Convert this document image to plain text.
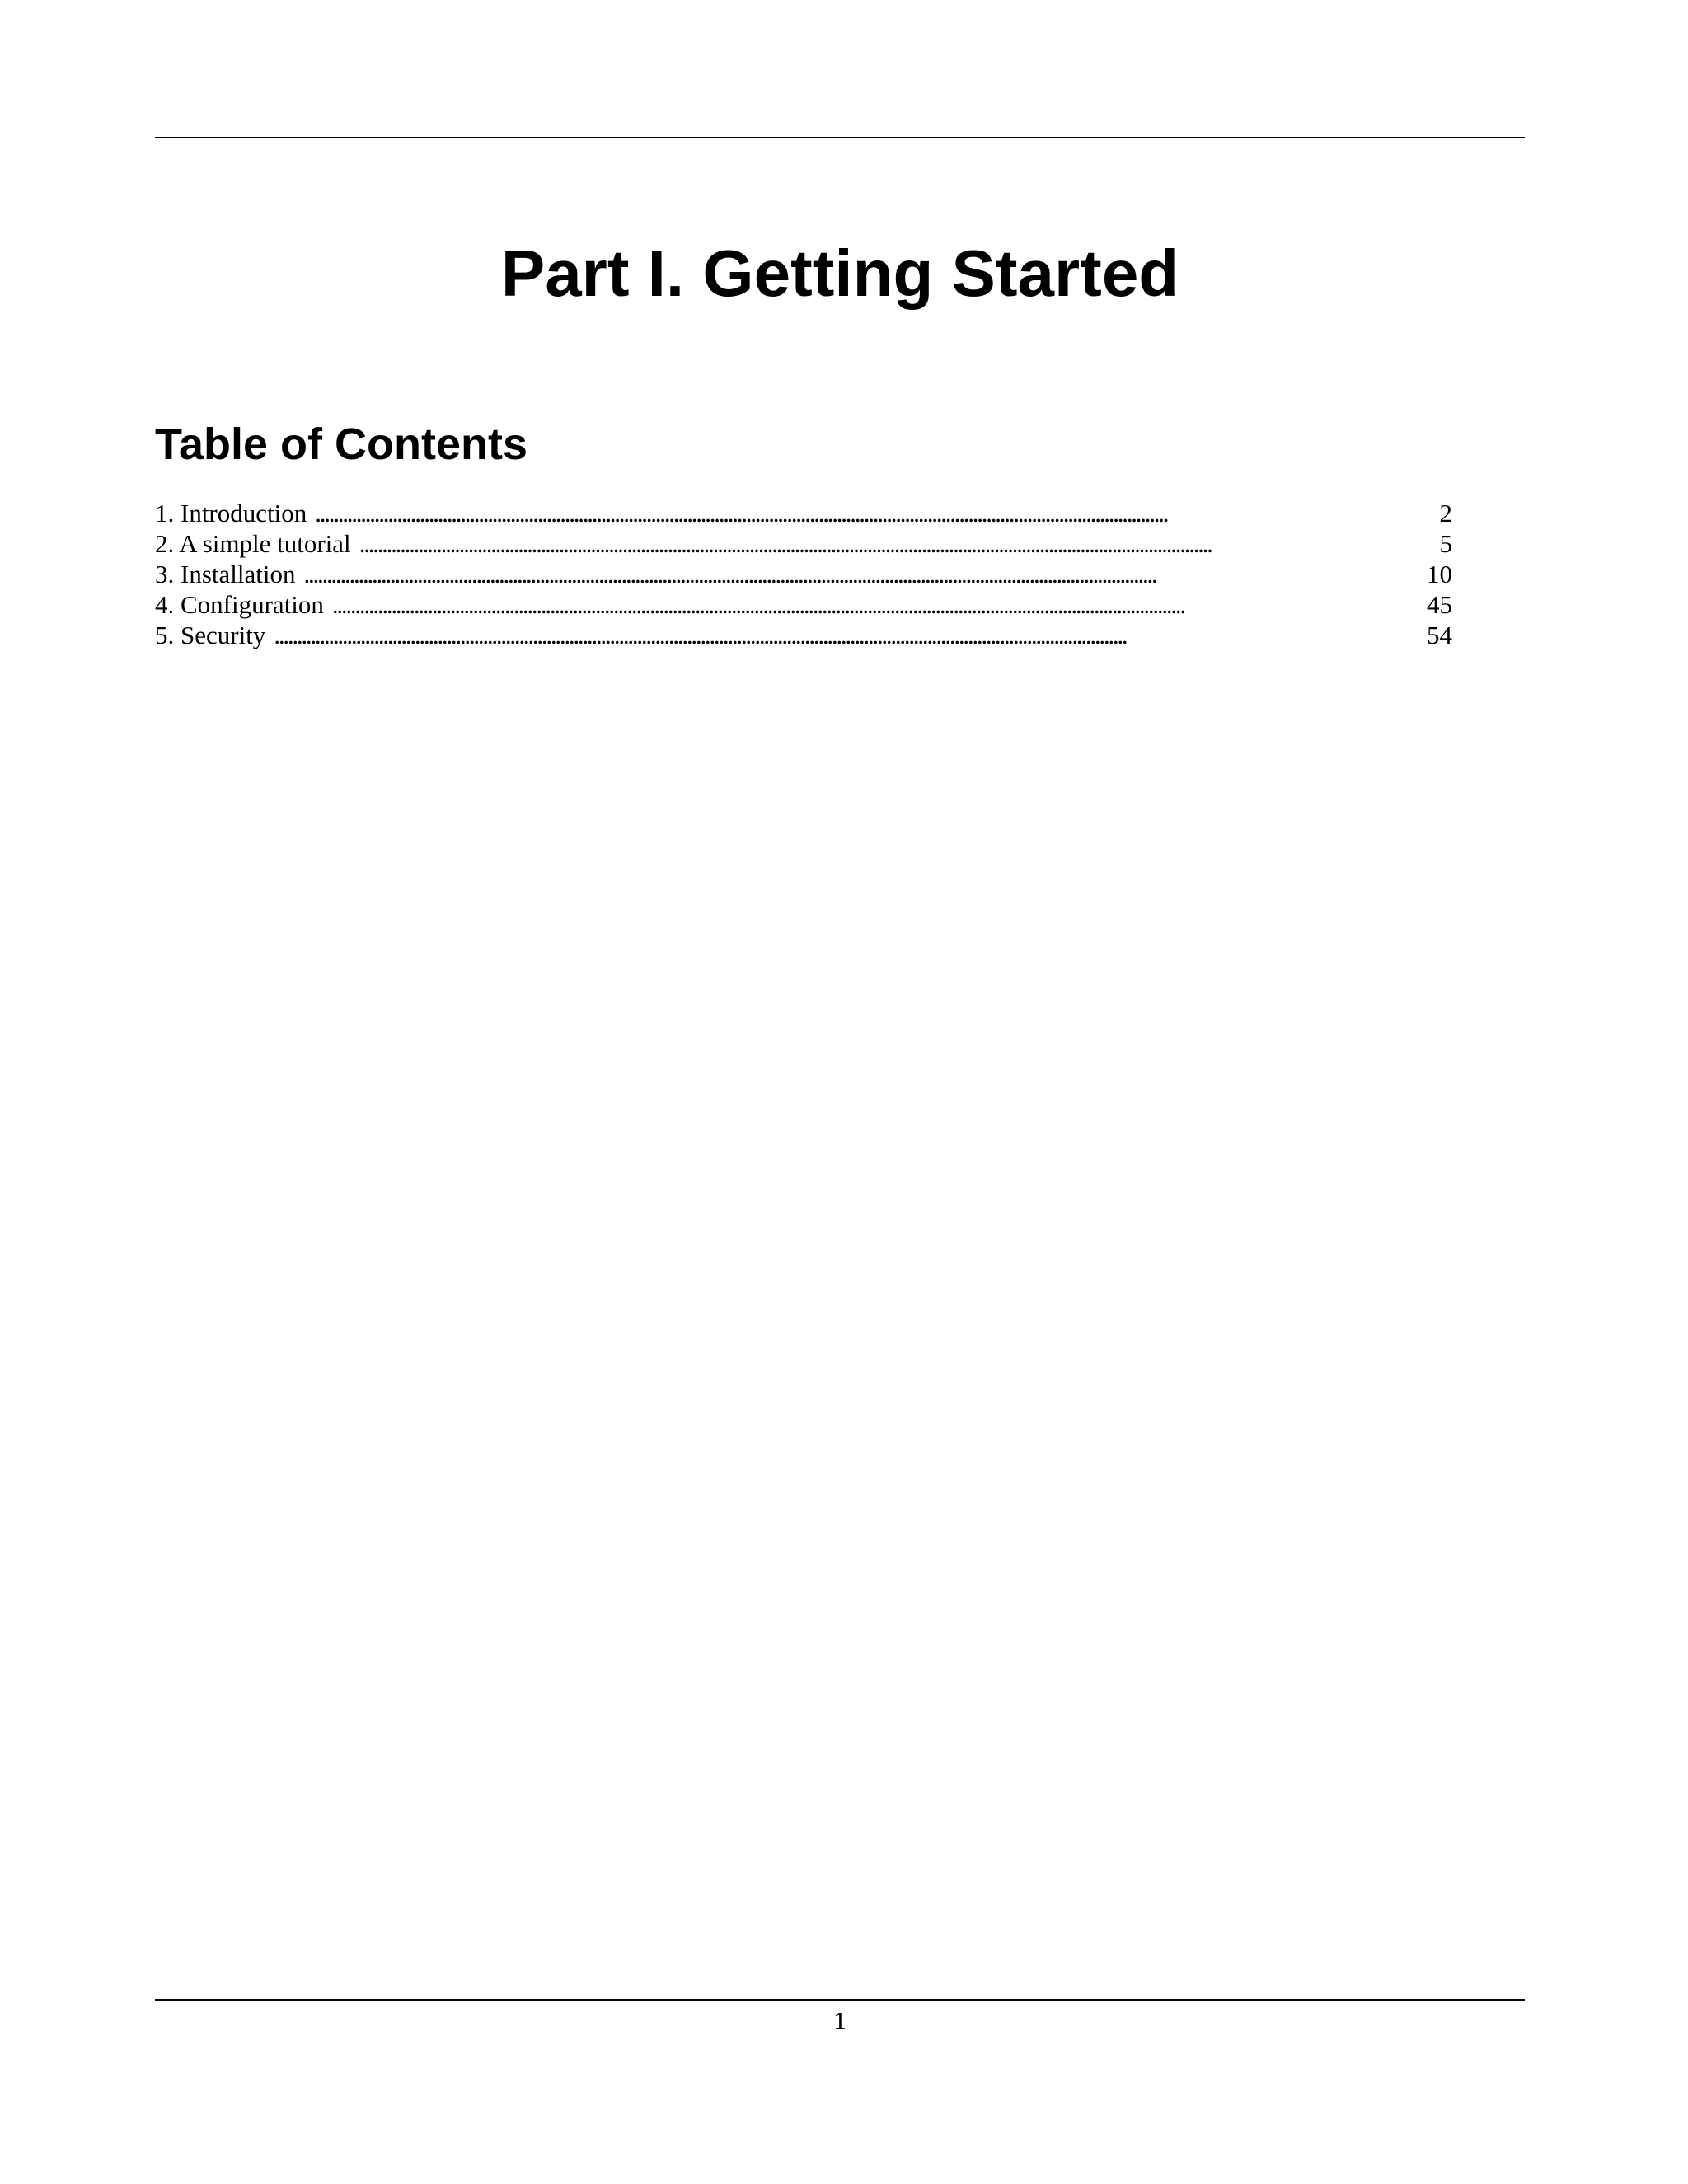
Part I. Getting Started
Table of Contents
1. Introduction . . .	2
2. A simple tutorial . . .	5
3. Installation . . .	10
4. Configuration . . .	45
5. Security . . .	54

1
